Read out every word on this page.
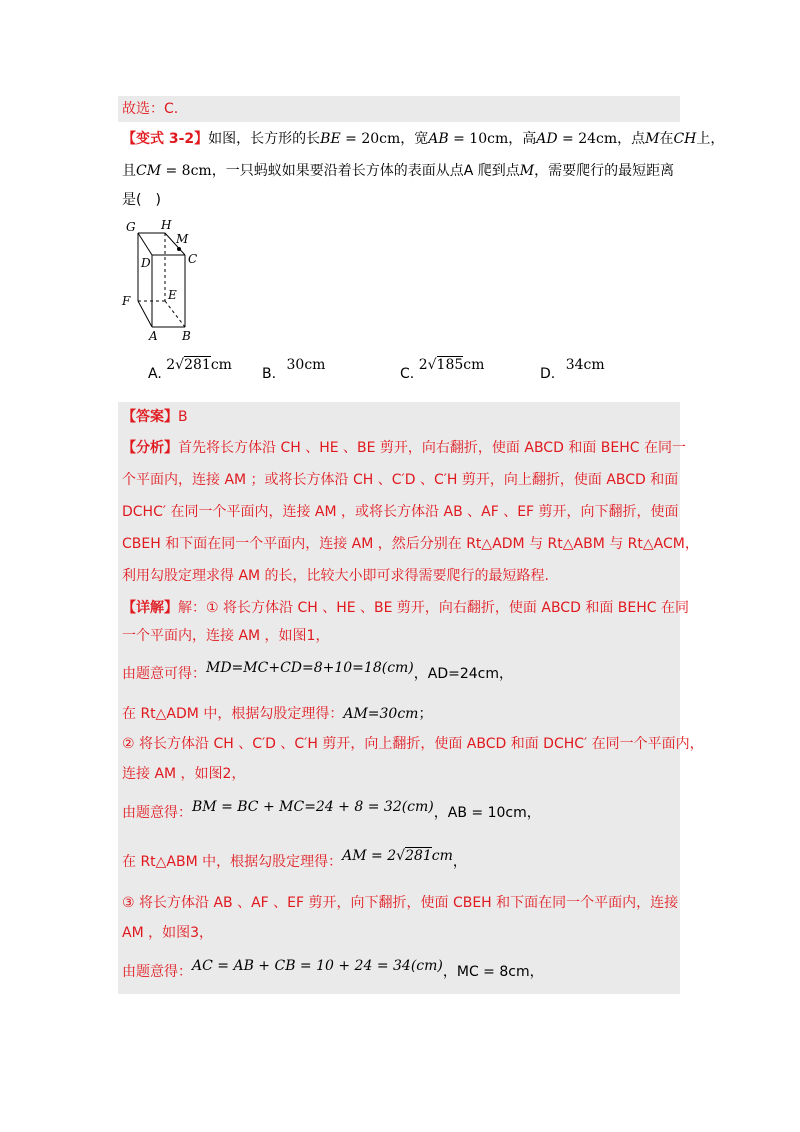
故选：C.
【变式 3-2】如图，长方形的长BE = 20cm，宽AB = 10cm，高AD = 24cm，点M在CH上，
且CM = 8cm，一只蚂蚁如果要沿着长方体的表面从点A 爬到点M，需要爬行的最短距离
是(　)
G H
M
D	C
F	E
A B
A. 2√281cm
B. 30cm
C. 2√185cm
D. 34cm
【答案】B
【分析】首先将长方体沿 CH 、HE 、BE 剪开，向右翻折，使面 ABCD 和面 BEHC 在同一
个平面内，连接 AM ；或将长方体沿 CH 、C′D 、C′H 剪开，向上翻折，使面 ABCD 和面
DCHC′ 在同一个平面内，连接 AM ，或将长方体沿 AB 、AF 、EF 剪开，向下翻折，使面
CBEH 和下面在同一个平面内，连接 AM ，然后分别在 Rt△ADM 与 Rt△ABM 与 Rt△ACM，
利用勾股定理求得 AM 的长，比较大小即可求得需要爬行的最短路程.
【详解】解：① 将长方体沿 CH 、HE 、BE 剪开，向右翻折，使面 ABCD 和面 BEHC 在同
一个平面内，连接 AM ，如图1，
由题意可得：MD=MC+CD=8+10=18(cm)，AD=24cm，
在 Rt△ADM 中，根据勾股定理得：AM=30cm；
② 将长方体沿 CH 、C′D 、C′H 剪开，向上翻折，使面 ABCD 和面 DCHC′ 在同一个平面内，
连接 AM ，如图2，
由题意得：BM = BC + MC=24 + 8 = 32(cm)，AB = 10cm，
在 Rt△ABM 中，根据勾股定理得：AM = 2√281cm，
③ 将长方体沿 AB 、AF 、EF 剪开，向下翻折，使面 CBEH 和下面在同一个平面内，连接
AM ，如图3，
由题意得：AC = AB + CB = 10 + 24 = 34(cm)，MC = 8cm，
